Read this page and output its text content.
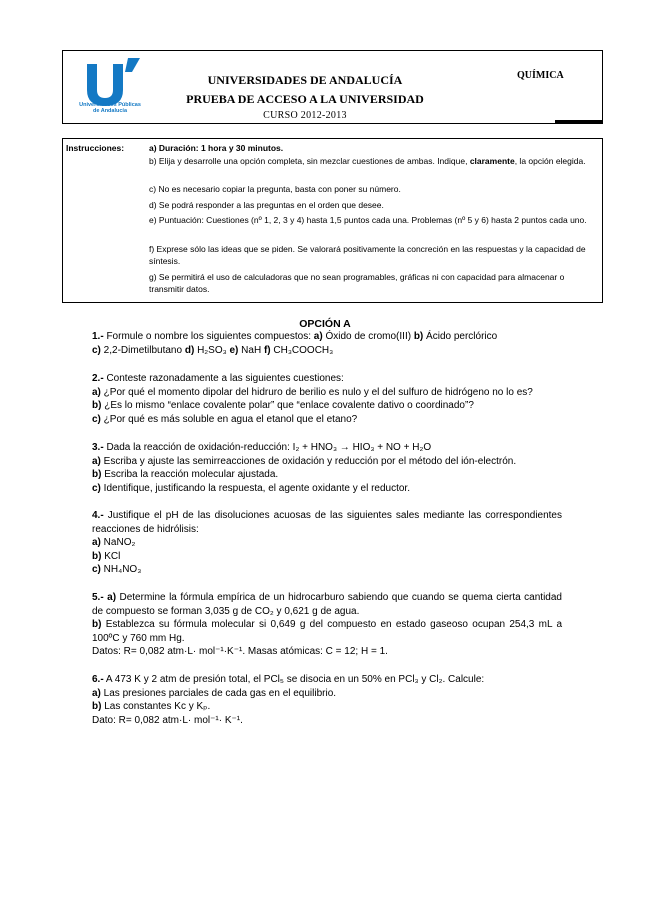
Universidades Públicas
de Andalucía
UNIVERSIDADES DE ANDALUCÍA
PRUEBA DE ACCESO A LA UNIVERSIDAD
CURSO 2012-2013
QUÍMICA
Instrucciones:	a) Duración: 1 hora y 30 minutos.
b) Elija y desarrolle una opción completa, sin mezclar cuestiones de ambas. Indique, claramente, la opción elegida.
c) No es necesario copiar la pregunta, basta con poner su número.
d) Se podrá responder a las preguntas en el orden que desee.
e) Puntuación: Cuestiones (nº 1, 2, 3 y 4) hasta 1,5 puntos cada una. Problemas (nº 5 y 6) hasta 2 puntos cada uno.
f) Exprese sólo las ideas que se piden. Se valorará positivamente la concreción en las respuestas y la capacidad de síntesis.
g) Se permitirá el uso de calculadoras que no sean programables, gráficas ni con capacidad para almacenar o transmitir datos.
OPCIÓN A

1.- Formule o nombre los siguientes compuestos: a) Óxido de cromo(III) b) Ácido perclórico

c) 2,2-Dimetilbutano d) H₂SO₃ e) NaH f) CH₃COOCH₃

2.- Conteste razonadamente a las siguientes cuestiones:

a) ¿Por qué el momento dipolar del hidruro de berilio es nulo y el del sulfuro de hidrógeno no lo es?

b) ¿Es lo mismo “enlace covalente polar” que “enlace covalente dativo o coordinado”?

c) ¿Por qué es más soluble en agua el etanol que el etano?

3.- Dada la reacción de oxidación-reducción: I₂ + HNO₃ → HIO₃ + NO + H₂O

a) Escriba y ajuste las semirreacciones de oxidación y reducción por el método del ión-electrón.

b) Escriba la reacción molecular ajustada.

c) Identifique, justificando la respuesta, el agente oxidante y el reductor.

4.- Justifique el pH de las disoluciones acuosas de las siguientes sales mediante las correspondientes reacciones de hidrólisis:

a) NaNO₂

b) KCl

c) NH₄NO₃

5.- a) Determine la fórmula empírica de un hidrocarburo sabiendo que cuando se quema cierta cantidad de compuesto se forman 3,035 g de CO₂ y 0,621 g de agua.

b) Establezca su fórmula molecular si 0,649 g del compuesto en estado gaseoso ocupan 254,3 mL a 100ºC y 760 mm Hg.

Datos: R= 0,082 atm·L· mol⁻¹·K⁻¹. Masas atómicas: C = 12; H = 1.

6.- A 473 K y 2 atm de presión total, el PCl₅ se disocia en un 50% en PCl₃ y Cl₂. Calcule:

a) Las presiones parciales de cada gas en el equilibrio.

b) Las constantes Kᴄ y Kₚ.

Dato: R= 0,082 atm·L· mol⁻¹· K⁻¹.
